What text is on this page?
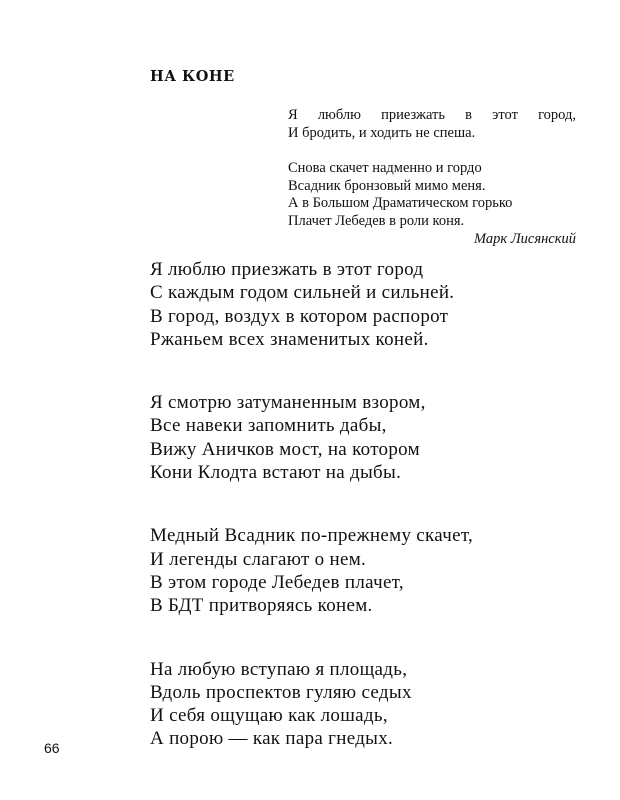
НА КОНЕ
Я люблю приезжать в этот город,
И бродить, и ходить не спеша.
Снова скачет надменно и гордо
Всадник бронзовый мимо меня.
А в Большом Драматическом горько
Плачет Лебедев в роли коня.
Марк Лисянский
Я люблю приезжать в этот город
С каждым годом сильней и сильней.
В город, воздух в котором распорот
Ржаньем всех знаменитых коней.
Я смотрю затуманенным взором,
Все навеки запомнить дабы,
Вижу Аничков мост, на котором
Кони Клодта встают на дыбы.
Медный Всадник по-прежнему скачет,
И легенды слагают о нем.
В этом городе Лебедев плачет,
В БДТ притворяясь конем.
На любую вступаю я площадь,
Вдоль проспектов гуляю седых
И себя ощущаю как лошадь,
А порою — как пара гнедых.
66
